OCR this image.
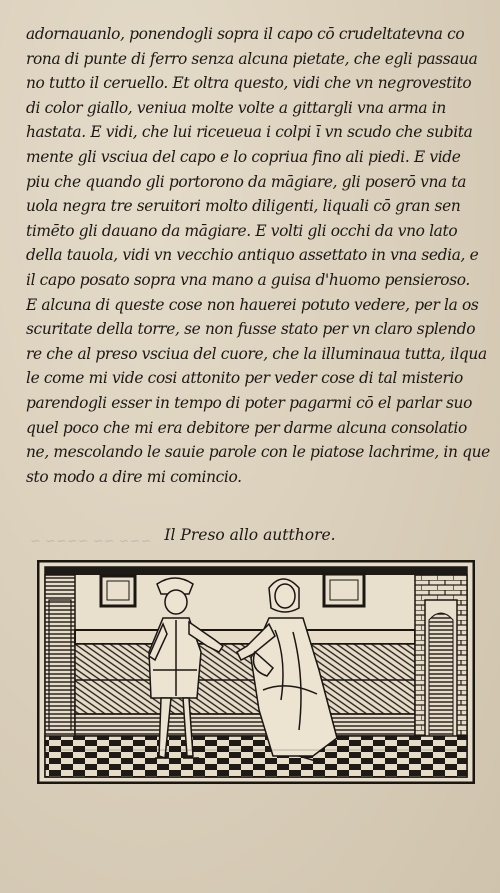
adornauanlo, ponendogli sopra il capo cō crudeltatevna co
rona di punte di ferro senza alcuna pietate, che egli passaua
no tutto il ceruello. Et oltra questo, vidi che vn negrovestito
di color giallo, veniua molte volte a gittargli vna arma in
hastata. E vidi, che lui riceueua i colpi ī vn scudo che subita
mente gli vsciua del capo e lo copriua fino ali piedi. E vide
piu che quando gli portorono da māgiare, gli poserō vna ta
uola negra tre seruitori molto diligenti, liquali cō gran sen
timēto gli dauano da māgiare. E volti gli occhi da vno lato
della tauola, vidi vn vecchio antiquo assettato in vna sedia, e
il capo posato sopra vna mano a guisa d'huomo pensieroso.
E alcuna di queste cose non hauerei potuto vedere, per la os
scuritate della torre, se non fusse stato per vn claro splendo
re che al preso vsciua del cuore, che la illuminaua tutta, ilqua
le come mi vide cosi attonito per veder cose di tal misterio
parendogli esser in tempo di poter pagarmi cō el parlar suo
quel poco che mi era debitore per darme alcuna consolatio
ne, mescolando le sauie parole con le piatose lachrime, in que
sto modo a dire mi comincio.
~~~ ~~ ~~~~ ~ Il Preso allo autthore.
